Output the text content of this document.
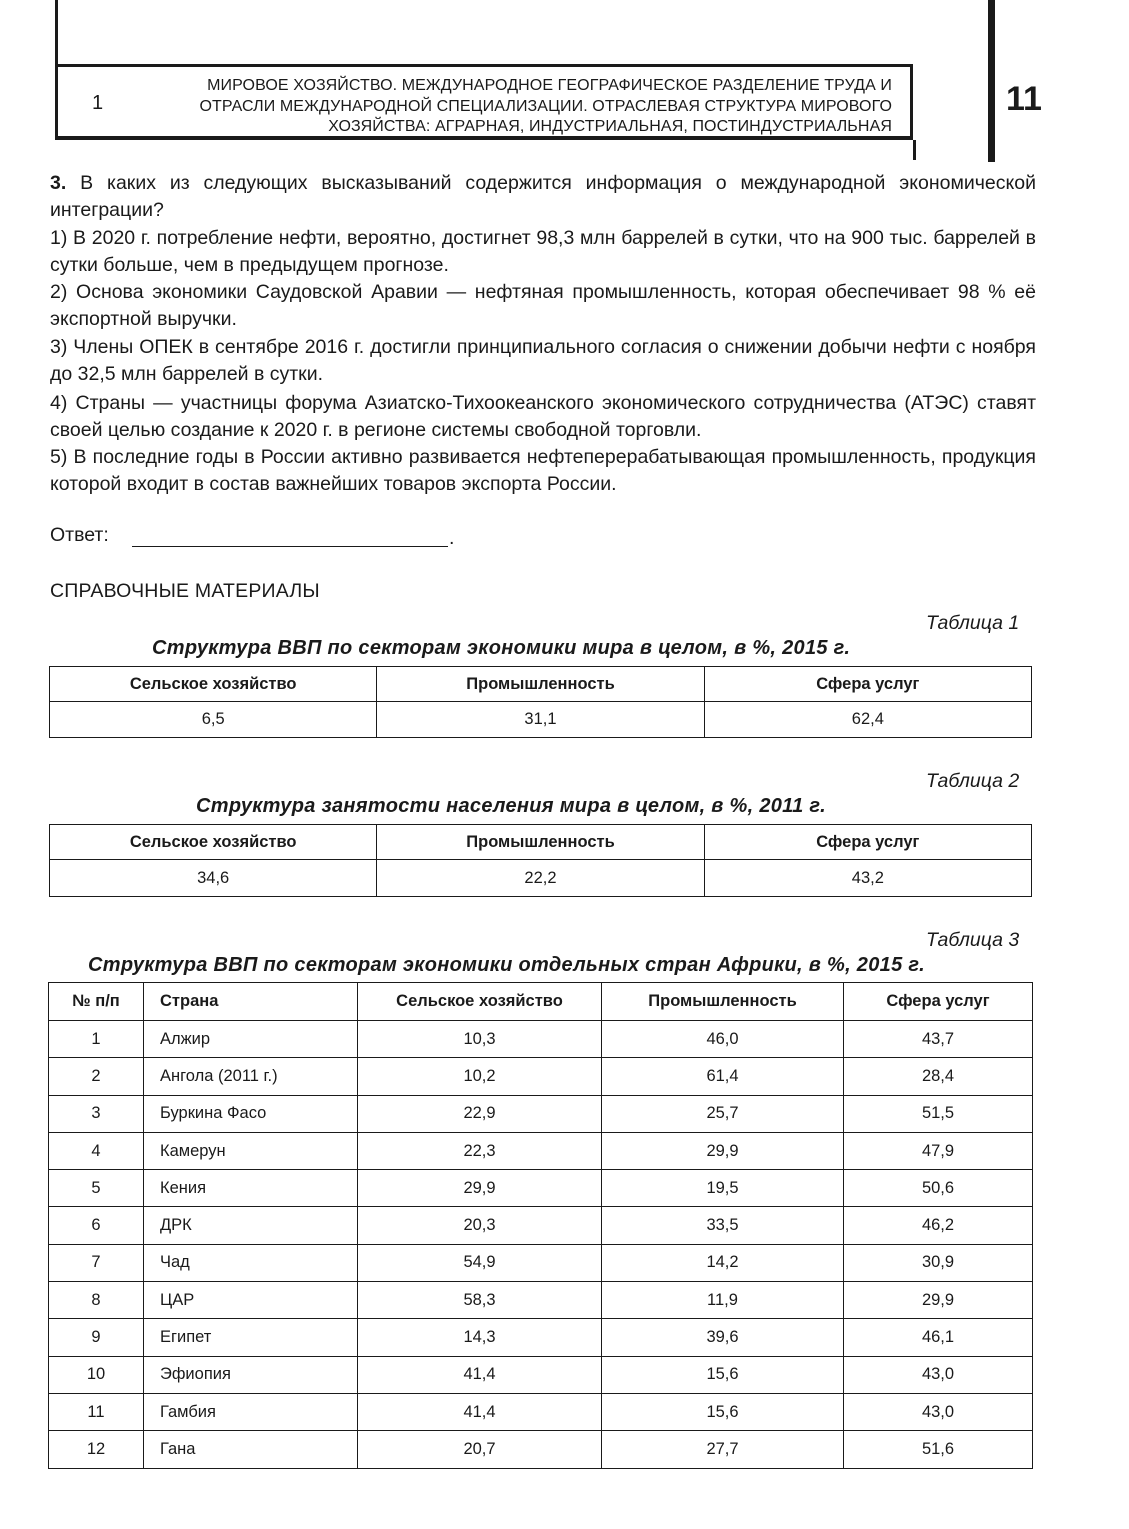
1
МИРОВОЕ ХОЗЯЙСТВО. МЕЖДУНАРОДНОЕ ГЕОГРАФИЧЕСКОЕ РАЗДЕЛЕНИЕ ТРУДА И
ОТРАСЛИ МЕЖДУНАРОДНОЙ СПЕЦИАЛИЗАЦИИ. ОТРАСЛЕВАЯ СТРУКТУРА МИРОВОГО
ХОЗЯЙСТВА: АГРАРНАЯ, ИНДУСТРИАЛЬНАЯ, ПОСТИНДУСТРИАЛЬНАЯ
11
3. В каких из следующих высказываний содержится информация о международной экономической интеграции?
1) В 2020 г. потребление нефти, вероятно, достигнет 98,3 млн баррелей в сутки, что на 900 тыс. баррелей в сутки больше, чем в предыдущем прогнозе.
2) Основа экономики Саудовской Аравии — нефтяная промышленность, которая обеспечивает 98 % её экспортной выручки.
3) Члены ОПЕК в сентябре 2016 г. достигли принципиального согласия о снижении добычи нефти с ноября до 32,5 млн баррелей в сутки.
4) Страны — участницы форума Азиатско-Тихоокеанского экономического сотрудничества (АТЭС) ставят своей целью создание к 2020 г. в регионе системы свободной торговли.
5) В последние годы в России активно развивается нефтеперерабатывающая промышленность, продукция которой входит в состав важнейших товаров экспорта России.
Ответ:	.
СПРАВОЧНЫЕ МАТЕРИАЛЫ
Таблица 1
Структура ВВП по секторам экономики мира в целом, в %, 2015 г.
Сельское хозяйство	Промышленность	Сфера услуг
6,5	31,1	62,4
Таблица 2
Структура занятости населения мира в целом, в %, 2011 г.
Сельское хозяйство	Промышленность	Сфера услуг
34,6	22,2	43,2
Таблица 3
Структура ВВП по секторам экономики отдельных стран Африки, в %, 2015 г.
№ п/п	Страна	Сельское хозяйство	Промышленность	Сфера услуг
1	Алжир	10,3	46,0	43,7
2	Ангола (2011 г.)	10,2	61,4	28,4
3	Буркина Фасо	22,9	25,7	51,5
4	Камерун	22,3	29,9	47,9
5	Кения	29,9	19,5	50,6
6	ДРК	20,3	33,5	46,2
7	Чад	54,9	14,2	30,9
8	ЦАР	58,3	11,9	29,9
9	Египет	14,3	39,6	46,1
10	Эфиопия	41,4	15,6	43,0
11	Гамбия	41,4	15,6	43,0
12	Гана	20,7	27,7	51,6
